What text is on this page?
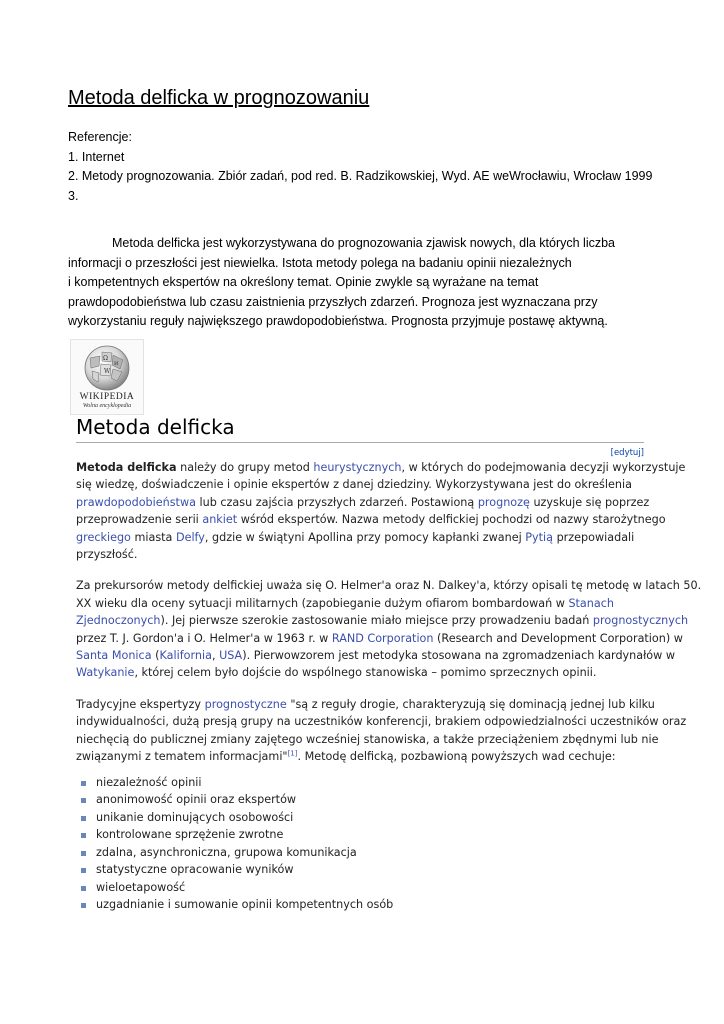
Metoda delficka w prognozowaniu
Referencje:
1. Internet
2. Metody prognozowania. Zbiór zadań, pod red. B. Radzikowskiej, Wyd. AE weWrocławiu, Wrocław 1999
3.
Metoda delficka jest wykorzystywana do prognozowania zjawisk nowych, dla których liczba
informacji o przeszłości jest niewielka. Istota metody polega na badaniu opinii niezależnych
i kompetentnych ekspertów na określony temat. Opinie zwykle są wyrażane na temat
prawdopodobieństwa lub czasu zaistnienia przyszłych zdarzeń. Prognoza jest wyznaczana przy
wykorzystaniu reguły największego prawdopodobieństwa. Prognosta przyjmuje postawę aktywną.
Ω
W
И
WIKIPEDIA
Wolna encyklopedia
Metoda delficka
[edytuj]

Metoda delficka należy do grupy metod heurystycznych, w których do podejmowania decyzji wykorzystuje
się wiedzę, doświadczenie i opinie ekspertów z danej dziedziny. Wykorzystywana jest do określenia
prawdopodobieństwa lub czasu zajścia przyszłych zdarzeń. Postawioną prognozę uzyskuje się poprzez
przeprowadzenie serii ankiet wśród ekspertów. Nazwa metody delfickiej pochodzi od nazwy starożytnego
greckiego miasta Delfy, gdzie w świątyni Apollina przy pomocy kapłanki zwanej Pytią przepowiadali
przyszłość.

Za prekursorów metody delfickiej uważa się O. Helmer'a oraz N. Dalkey'a, którzy opisali tę metodę w latach 50.
XX wieku dla oceny sytuacji militarnych (zapobieganie dużym ofiarom bombardowań w Stanach
Zjednoczonych). Jej pierwsze szerokie zastosowanie miało miejsce przy prowadzeniu badań prognostycznych
przez T. J. Gordon'a i O. Helmer'a w 1963 r. w RAND Corporation (Research and Development Corporation) w
Santa Monica (Kalifornia, USA). Pierwowzorem jest metodyka stosowana na zgromadzeniach kardynałów w
Watykanie, której celem było dojście do wspólnego stanowiska – pomimo sprzecznych opinii.

Tradycyjne ekspertyzy prognostyczne "są z reguły drogie, charakteryzują się dominacją jednej lub kilku
indywidualności, dużą presją grupy na uczestników konferencji, brakiem odpowiedzialności uczestników oraz
niechęcią do publicznej zmiany zajętego wcześniej stanowiska, a także przeciążeniem zbędnymi lub nie
związanymi z tematem informacjami"[1]. Metodę delficką, pozbawioną powyższych wad cechuje:

niezależność opinii
anonimowość opinii oraz ekspertów
unikanie dominujących osobowości
kontrolowane sprzężenie zwrotne
zdalna, asynchroniczna, grupowa komunikacja
statystyczne opracowanie wyników
wieloetapowość
uzgadnianie i sumowanie opinii kompetentnych osób
